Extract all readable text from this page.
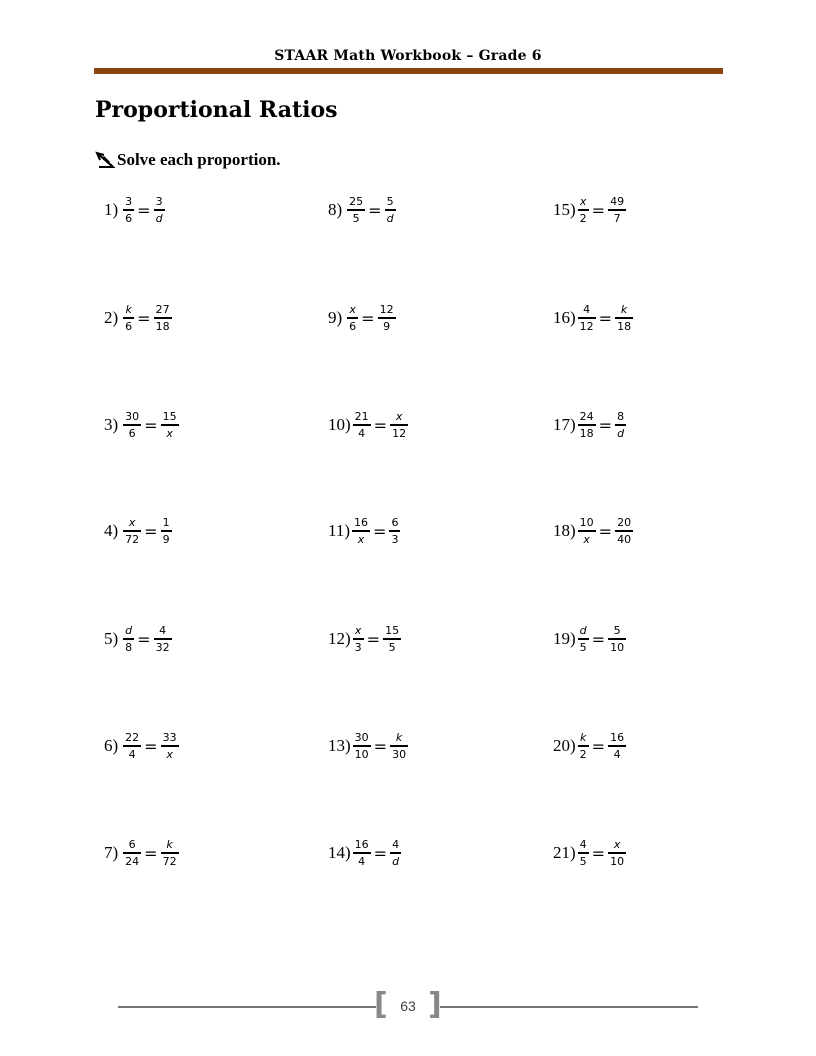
STAAR Math Workbook – Grade 6
Proportional Ratios
Solve each proportion.
$1) \frac{3}{6} = \frac{3}{d}$	$8) \frac{25}{5} = \frac{5}{d}$	$15) \frac{x}{2} = \frac{49}{7}$
$2) \frac{k}{6} = \frac{27}{18}$	$9) \frac{x}{6} = \frac{12}{9}$	$16) \frac{4}{12} = \frac{k}{18}$
$3) \frac{30}{6} = \frac{15}{x}$	$10) \frac{21}{4} = \frac{x}{12}$	$17) \frac{24}{18} = \frac{8}{d}$
$4) \frac{x}{72} = \frac{1}{9}$	$11) \frac{16}{x} = \frac{6}{3}$	$18) \frac{10}{x} = \frac{20}{40}$
$5) \frac{d}{8} = \frac{4}{32}$	$12) \frac{x}{3} = \frac{15}{5}$	$19) \frac{d}{5} = \frac{5}{10}$
$6) \frac{22}{4} = \frac{33}{x}$	$13) \frac{30}{10} = \frac{k}{30}$	$20) \frac{k}{2} = \frac{16}{4}$
$7) \frac{6}{24} = \frac{k}{72}$	$14) \frac{16}{4} = \frac{4}{d}$	$21) \frac{4}{5} = \frac{x}{10}$
[ ]
63
